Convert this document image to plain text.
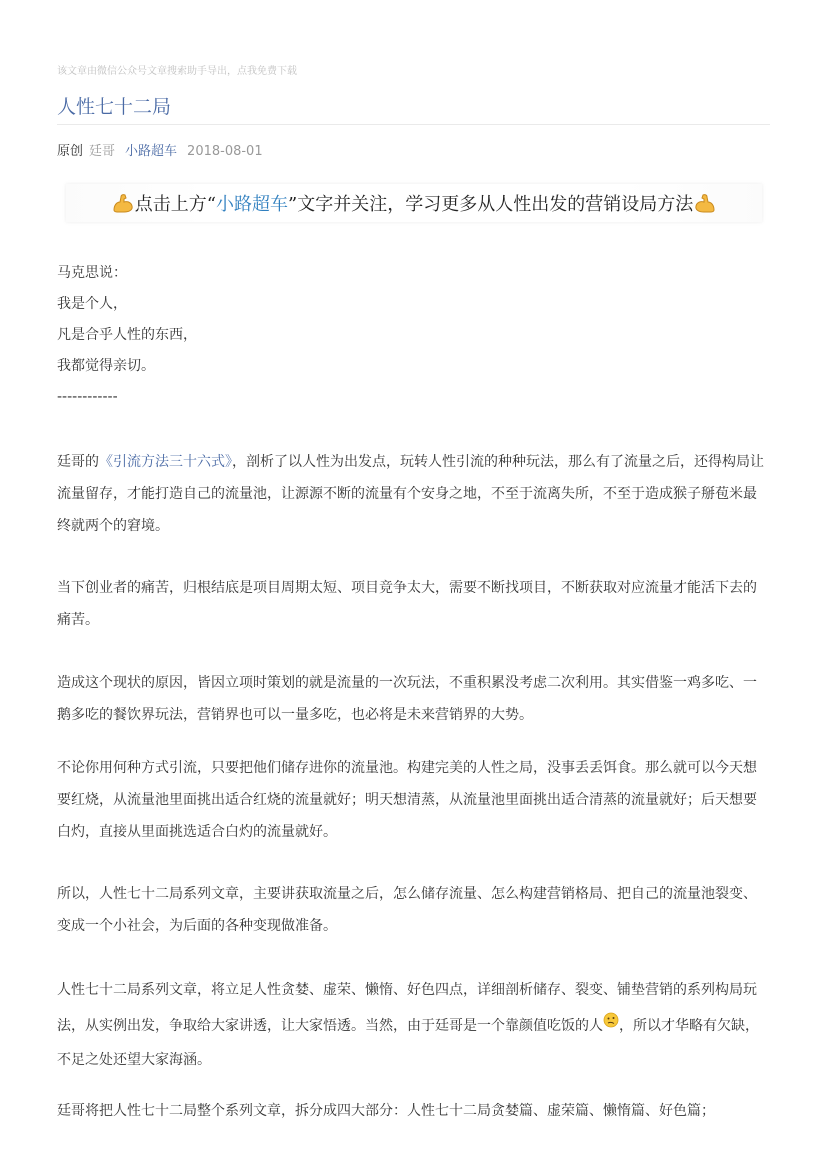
该文章由微信公众号文章搜索助手导出，点我免费下载
人性七十二局
原创 廷哥 小路超车 2018-08-01
点击上方“ 小路超车 ”文字并关注，学习更多从人性出发的营销设局方法
马克思说：
我是个人，
凡是合乎人性的东西，
我都觉得亲切。
------------

廷哥的《引流方法三十六式》，剖析了以人性为出发点，玩转人性引流的种种玩法，那么有了流量之后，还得构局让流量留存，才能打造自己的流量池，让源源不断的流量有个安身之地，不至于流离失所，不至于造成猴子掰苞米最终就两个的窘境。

当下创业者的痛苦，归根结底是项目周期太短、项目竞争太大，需要不断找项目，不断获取对应流量才能活下去的痛苦。

造成这个现状的原因，皆因立项时策划的就是流量的一次玩法，不重积累没考虑二次利用。其实借鉴一鸡多吃、一鹅多吃的餐饮界玩法，营销界也可以一量多吃，也必将是未来营销界的大势。

不论你用何种方式引流，只要把他们储存进你的流量池。构建完美的人性之局，没事丢丢饵食。那么就可以今天想要红烧，从流量池里面挑出适合红烧的流量就好；明天想清蒸，从流量池里面挑出适合清蒸的流量就好；后天想要白灼，直接从里面挑选适合白灼的流量就好。

所以，人性七十二局系列文章，主要讲获取流量之后，怎么储存流量、怎么构建营销格局、把自己的流量池裂变、变成一个小社会，为后面的各种变现做准备。

人性七十二局系列文章，将立足人性贪婪、虚荣、懒惰、好色四点，详细剖析储存、裂变、铺垫营销的系列构局玩法，从实例出发，争取给大家讲透，让大家悟透。当然，由于廷哥是一个靠颜值吃饭的人 ，所以才华略有欠缺，不足之处还望大家海涵。

廷哥将把人性七十二局整个系列文章，拆分成四大部分：人性七十二局贪婪篇、虚荣篇、懒惰篇、好色篇；
